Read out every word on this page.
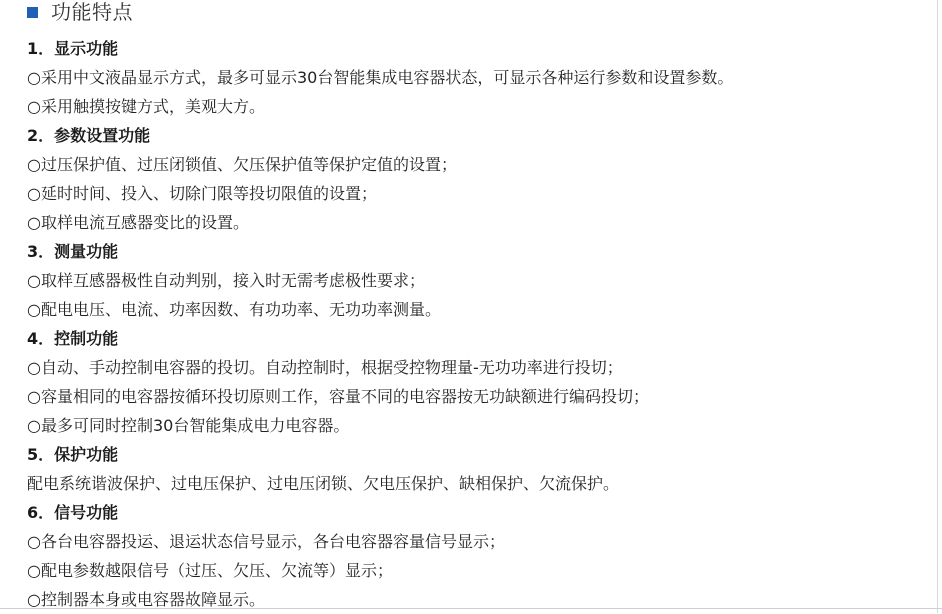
功能特点
1．显示功能
○采用中文液晶显示方式，最多可显示30台智能集成电容器状态，可显示各种运行参数和设置参数。
○采用触摸按键方式，美观大方。
2．参数设置功能
○过压保护值、过压闭锁值、欠压保护值等保护定值的设置；
○延时时间、投入、切除门限等投切限值的设置；
○取样电流互感器变比的设置。
3．测量功能
○取样互感器极性自动判别，接入时无需考虑极性要求；
○配电电压、电流、功率因数、有功功率、无功功率测量。
4．控制功能
○自动、手动控制电容器的投切。自动控制时，根据受控物理量-无功功率进行投切；
○容量相同的电容器按循环投切原则工作，容量不同的电容器按无功缺额进行编码投切；
○最多可同时控制30台智能集成电力电容器。
5．保护功能
配电系统谐波保护、过电压保护、过电压闭锁、欠电压保护、缺相保护、欠流保护。
6．信号功能
○各台电容器投运、退运状态信号显示，各台电容器容量信号显示；
○配电参数越限信号（过压、欠压、欠流等）显示；
○控制器本身或电容器故障显示。
